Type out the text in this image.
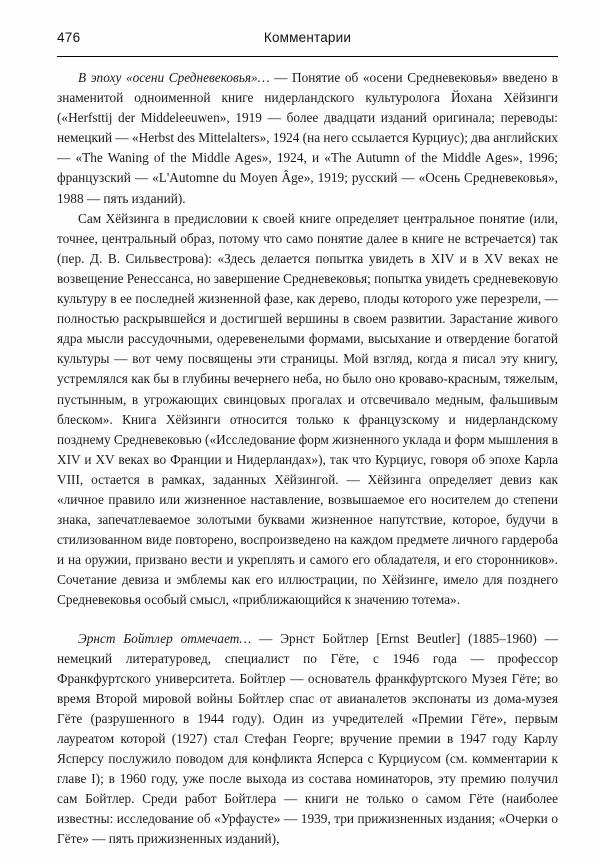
476	Комментарии

В эпоху «осени Средневековья»… — Понятие об «осени Средневековья» введено в знаменитой одноименной книге нидерландского культуролога Йохана Хёйзинги («Herfsttij der Middeleeuwen», 1919 — более двадцати изданий оригинала; переводы: немецкий — «Herbst des Mittelalters», 1924 (на него ссылается Курциус); два английских — «The Waning of the Middle Ages», 1924, и «The Autumn of the Middle Ages», 1996; французский — «L'Automne du Moyen Âge», 1919; русский — «Осень Средневековья», 1988 — пять изданий).

Сам Хёйзинга в предисловии к своей книге определяет центральное понятие (или, точнее, центральный образ, потому что само понятие далее в книге не встречается) так (пер. Д. В. Сильвестрова): «Здесь делается попытка увидеть в XIV и в XV веках не возвещение Ренессанса, но завершение Средневековья; попытка увидеть средневековую культуру в ее последней жизненной фазе, как дерево, плоды которого уже перезрели, — полностью раскрывшейся и достигшей вершины в своем развитии. Зарастание живого ядра мысли рассудочными, одеревенелыми формами, высыхание и отвердение богатой культуры — вот чему посвящены эти страницы. Мой взгляд, когда я писал эту книгу, устремлялся как бы в глубины вечернего неба, но было оно кроваво-красным, тяжелым, пустынным, в угрожающих свинцовых прогалах и отсвечивало медным, фальшивым блеском». Книга Хёйзинги относится только к французскому и нидерландскому позднему Средневековью («Исследование форм жизненного уклада и форм мышления в XIV и XV веках во Франции и Нидерландах»), так что Курциус, говоря об эпохе Карла VIII, остается в рамках, заданных Хёйзингой. — Хёйзинга определяет девиз как «личное правило или жизненное наставление, возвышаемое его носителем до степени знака, запечатлеваемое золотыми буквами жизненное напутствие, которое, будучи в стилизованном виде повторено, воспроизведено на каждом предмете личного гардероба и на оружии, призвано вести и укреплять и самого его обладателя, и его сторонников». Сочетание девиза и эмблемы как его иллюстрации, по Хёйзинге, имело для позднего Средневековья особый смысл, «приближающийся к значению тотема».

Эрнст Бойтлер отмечает… — Эрнст Бойтлер [Ernst Beutler] (1885–1960) — немецкий литературовед, специалист по Гёте, с 1946 года — профессор Франкфуртского университета. Бойтлер — основатель франкфуртского Музея Гёте; во время Второй мировой войны Бойтлер спас от авианалетов экспонаты из дома-музея Гёте (разрушенного в 1944 году). Один из учредителей «Премии Гёте», первым лауреатом которой (1927) стал Стефан Георге; вручение премии в 1947 году Карлу Ясперсу послужило поводом для конфликта Ясперса с Курциусом (см. комментарии к главе I); в 1960 году, уже после выхода из состава номинаторов, эту премию получил сам Бойтлер. Среди работ Бойтлера — книги не только о самом Гёте (наиболее известны: исследование об «Урфаусте» — 1939, три прижизненных издания; «Очерки о Гёте» — пять прижизненных изданий),
